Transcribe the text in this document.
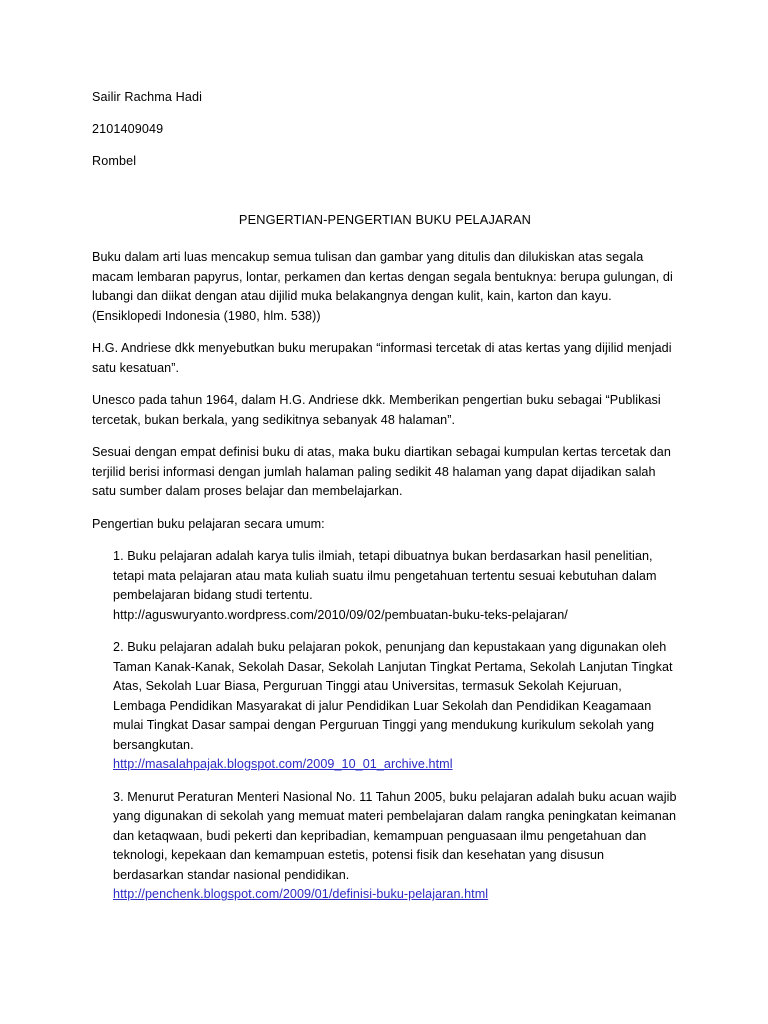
Sailir Rachma Hadi
2101409049
Rombel
PENGERTIAN-PENGERTIAN BUKU PELAJARAN

Buku dalam arti luas mencakup semua tulisan dan gambar yang ditulis dan dilukiskan atas segala macam lembaran papyrus, lontar, perkamen dan kertas dengan segala bentuknya: berupa gulungan, di lubangi dan diikat dengan atau dijilid muka belakangnya dengan kulit, kain, karton dan kayu. (Ensiklopedi Indonesia (1980, hlm. 538))

H.G. Andriese dkk menyebutkan buku merupakan “informasi tercetak di atas kertas yang dijilid menjadi satu kesatuan”.

Unesco pada tahun 1964, dalam H.G. Andriese dkk. Memberikan pengertian buku sebagai “Publikasi tercetak, bukan berkala, yang sedikitnya sebanyak 48 halaman”.

Sesuai dengan empat definisi buku di atas, maka buku diartikan sebagai kumpulan kertas tercetak dan terjilid berisi informasi dengan jumlah halaman paling sedikit 48 halaman yang dapat dijadikan salah satu sumber dalam proses belajar dan membelajarkan.

Pengertian buku pelajaran secara umum:

1. Buku pelajaran adalah karya tulis ilmiah, tetapi dibuatnya bukan berdasarkan hasil penelitian, tetapi mata pelajaran atau mata kuliah suatu ilmu pengetahuan tertentu sesuai kebutuhan dalam pembelajaran bidang studi tertentu.
http://aguswuryanto.wordpress.com/2010/09/02/pembuatan-buku-teks-pelajaran/

2. Buku pelajaran adalah buku pelajaran pokok, penunjang dan kepustakaan yang digunakan oleh Taman Kanak-Kanak, Sekolah Dasar, Sekolah Lanjutan Tingkat Pertama, Sekolah Lanjutan Tingkat Atas, Sekolah Luar Biasa, Perguruan Tinggi atau Universitas, termasuk Sekolah Kejuruan, Lembaga Pendidikan Masyarakat di jalur Pendidikan Luar Sekolah dan Pendidikan Keagamaan mulai Tingkat Dasar sampai dengan Perguruan Tinggi yang mendukung kurikulum sekolah yang bersangkutan.
http://masalahpajak.blogspot.com/2009_10_01_archive.html

3. Menurut Peraturan Menteri Nasional No. 11 Tahun 2005, buku pelajaran adalah buku acuan wajib yang digunakan di sekolah yang memuat materi pembelajaran dalam rangka peningkatan keimanan dan ketaqwaan, budi pekerti dan kepribadian, kemampuan penguasaan ilmu pengetahuan dan teknologi, kepekaan dan kemampuan estetis, potensi fisik dan kesehatan yang disusun berdasarkan standar nasional pendidikan.
http://penchenk.blogspot.com/2009/01/definisi-buku-pelajaran.html
